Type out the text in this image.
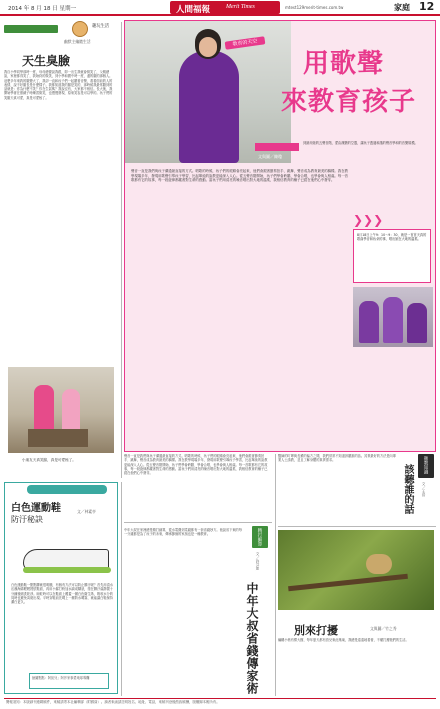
2014 年 8 月 18 日 星期一	mtest129merit-times.com.tw
人間福報	Merit Times	家庭 12
文與圖／花生媽
趣玩生活
幽默主編隨生活
天生臭臉

我自小學同學那時一度，母母總覺說我跟，即一出生我就會微笑了，父親總說，家裡都得笑了，我始終的微笑，到小學和國中時一度，還的臉的那個人。這麼多年來我的臉變大了，我卻一直和孩子們一起聽著音樂，看看面前的人的表情，說不好臉長是什麼樣子。我都知道我的臉是笑的，那時候我最常聽到的話就是：你為什麼不笑？你在生氣嗎？我說沒有，大家都不相信。長大後，我開始學著在照鏡子時練習微笑，也慢慢發現，原來笑容是可以學的。孩子們的笑臉天真可愛，真是可愛極了。

小朋友天真笑臉，真是可愛極了。
教育的天空
用歌聲
來教育孩子
文與圖／陳瓊

到最用她的五聲音階，愛由漢樂的空靈，讓孩子透過和諧的聲音學和的音樂規模。

聲音一直是我們與孩子溝通最直接的方式。唱歌的時候，孩子們的眼睛會亮起來，他們會跟著節奏拍手、跳舞，聲音成為教育最美的橋樑。我在教學現場多年，發現用歌聲引導孩子學習，比起單純的說教更能深入人心。從五聲音階開始，孩子們學會聆聽、學會合唱，也學會與人相處。每一首歌都有它的故事，每一段旋律都藏著對生命的感動。當孩子們用清亮的嗓音唱出對大地的溫柔，我相信教育的種子已經在他們心中發芽。

8月18日上午9：10～9：30，就是一首首天真的歌曲學音和孩朵的事，唱出她在大地的溫柔。

❯❯❯
阿莎家事愛地球
白色運動鞋
防汙秘訣
文／林素亭

白色運動鞋一點點髒就很明顯，有個有方法可以防止髒汙呢？首先用清水沾濕海綿輕輕擦拭鞋面，再用小蘇打粉加水調成糊狀，塗在髒汙處靜置十分鐘後刷洗乾淨。晾乾時可以在鞋面上覆蓋一層白色衛生紙，吸收水分的同時也避免黃斑出現。平時穿鞋前先噴上一層防水噴霧，就能讓白鞋保持潔白更久。

繪圖點點：阿拓兒；阿莎家事愛地球專欄

聲音一直是我們與孩子溝通最直接的方式。唱歌的時候，孩子們的眼睛會亮起來，他們會跟著節奏拍手、跳舞，聲音成為教育最美的橋樑。我在教學現場多年，發現用歌聲引導孩子學習，比起單純的說教更能深入人心。從五聲音階開始，孩子們學會聆聽、學會合唱，也學會與人相處。每一首歌都有它的故事，每一段旋律都藏著對生命的感動。當孩子們用清亮的嗓音唱出對大地的溫柔，我相信教育的種子已經在他們心中發芽。

中年大叔在家裡總是精打細算，從水電費到菜錢都有一套省錢妙方。他說省下來的每一分錢都是為了孩子的未來，傳承節儉的家風也是一種教育。	精打細算
文／許芬如
中年大叔省錢傳家術

醫師的叮嚀與長輩的偏方之間，我們常常不知道該聽誰的話。其實最好的方法是向專業人士請教，並且了解身體的真實需求。	衛教知識
該聽誰的話	文／王晉
別來打擾	文與圖／竹之秀

編鵬小巷有棵大樹，每年夏天都有鳥兒來此築巢，我總是遠遠地看著，不願打擾牠們的生活。

閱報須知：本版副刊連載稿件，來稿請寄本社編輯部（附郵資）。讀者來函請註明姓名、地址、電話，來稿刊登後酌致稿酬，版權歸本報所有。
